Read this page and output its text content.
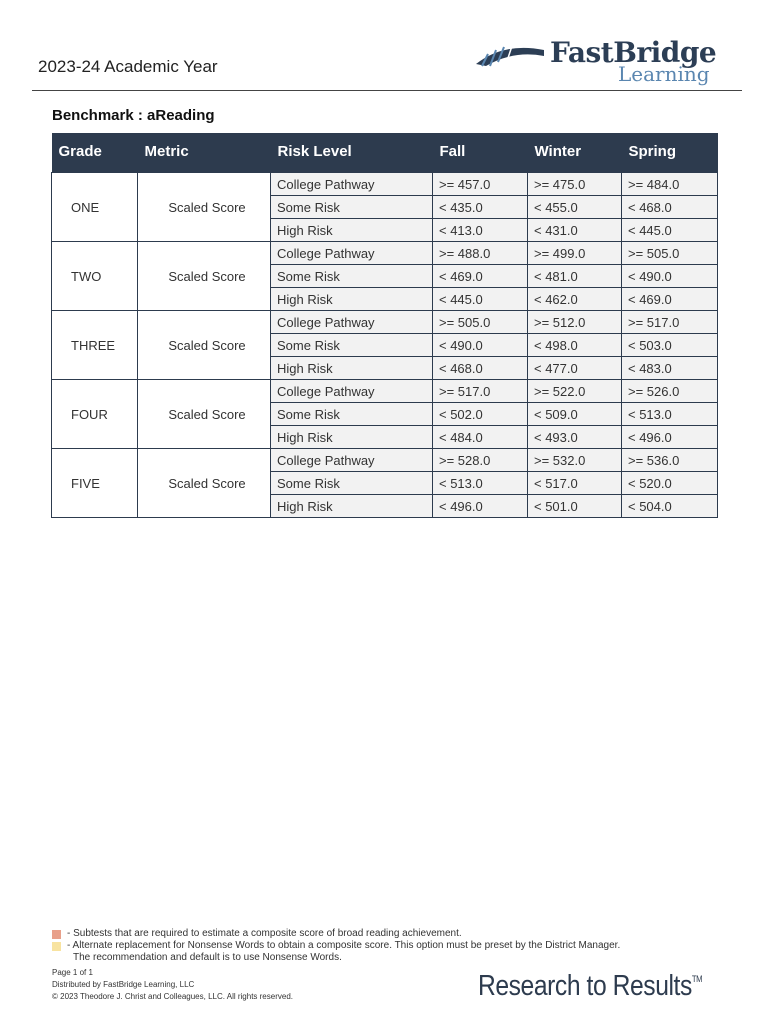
2023-24 Academic Year	FastBridge
Learning
Benchmark : aReading
Grade	Metric	Risk Level	Fall	Winter	Spring

ONE	Scaled Score	College Pathway	>= 457.0	>= 475.0	>= 484.0
		Some Risk	< 435.0	< 455.0	< 468.0
		High Risk	< 413.0	< 431.0	< 445.0
TWO	Scaled Score	College Pathway	>= 488.0	>= 499.0	>= 505.0
		Some Risk	< 469.0	< 481.0	< 490.0
		High Risk	< 445.0	< 462.0	< 469.0
THREE	Scaled Score	College Pathway	>= 505.0	>= 512.0	>= 517.0
		Some Risk	< 490.0	< 498.0	< 503.0
		High Risk	< 468.0	< 477.0	< 483.0
FOUR	Scaled Score	College Pathway	>= 517.0	>= 522.0	>= 526.0
		Some Risk	< 502.0	< 509.0	< 513.0
		High Risk	< 484.0	< 493.0	< 496.0
FIVE	Scaled Score	College Pathway	>= 528.0	>= 532.0	>= 536.0
		Some Risk	< 513.0	< 517.0	< 520.0
		High Risk	< 496.0	< 501.0	< 504.0
- Subtests that are required to estimate a composite score of broad reading achievement.
- Alternate replacement for Nonsense Words to obtain a composite score. This option must be preset by the District Manager.
The recommendation and default is to use Nonsense Words.
Page 1 of 1
Distributed by FastBridge Learning, LLC
© 2023 Theodore J. Christ and Colleagues, LLC. All rights reserved.	Research to Results™
